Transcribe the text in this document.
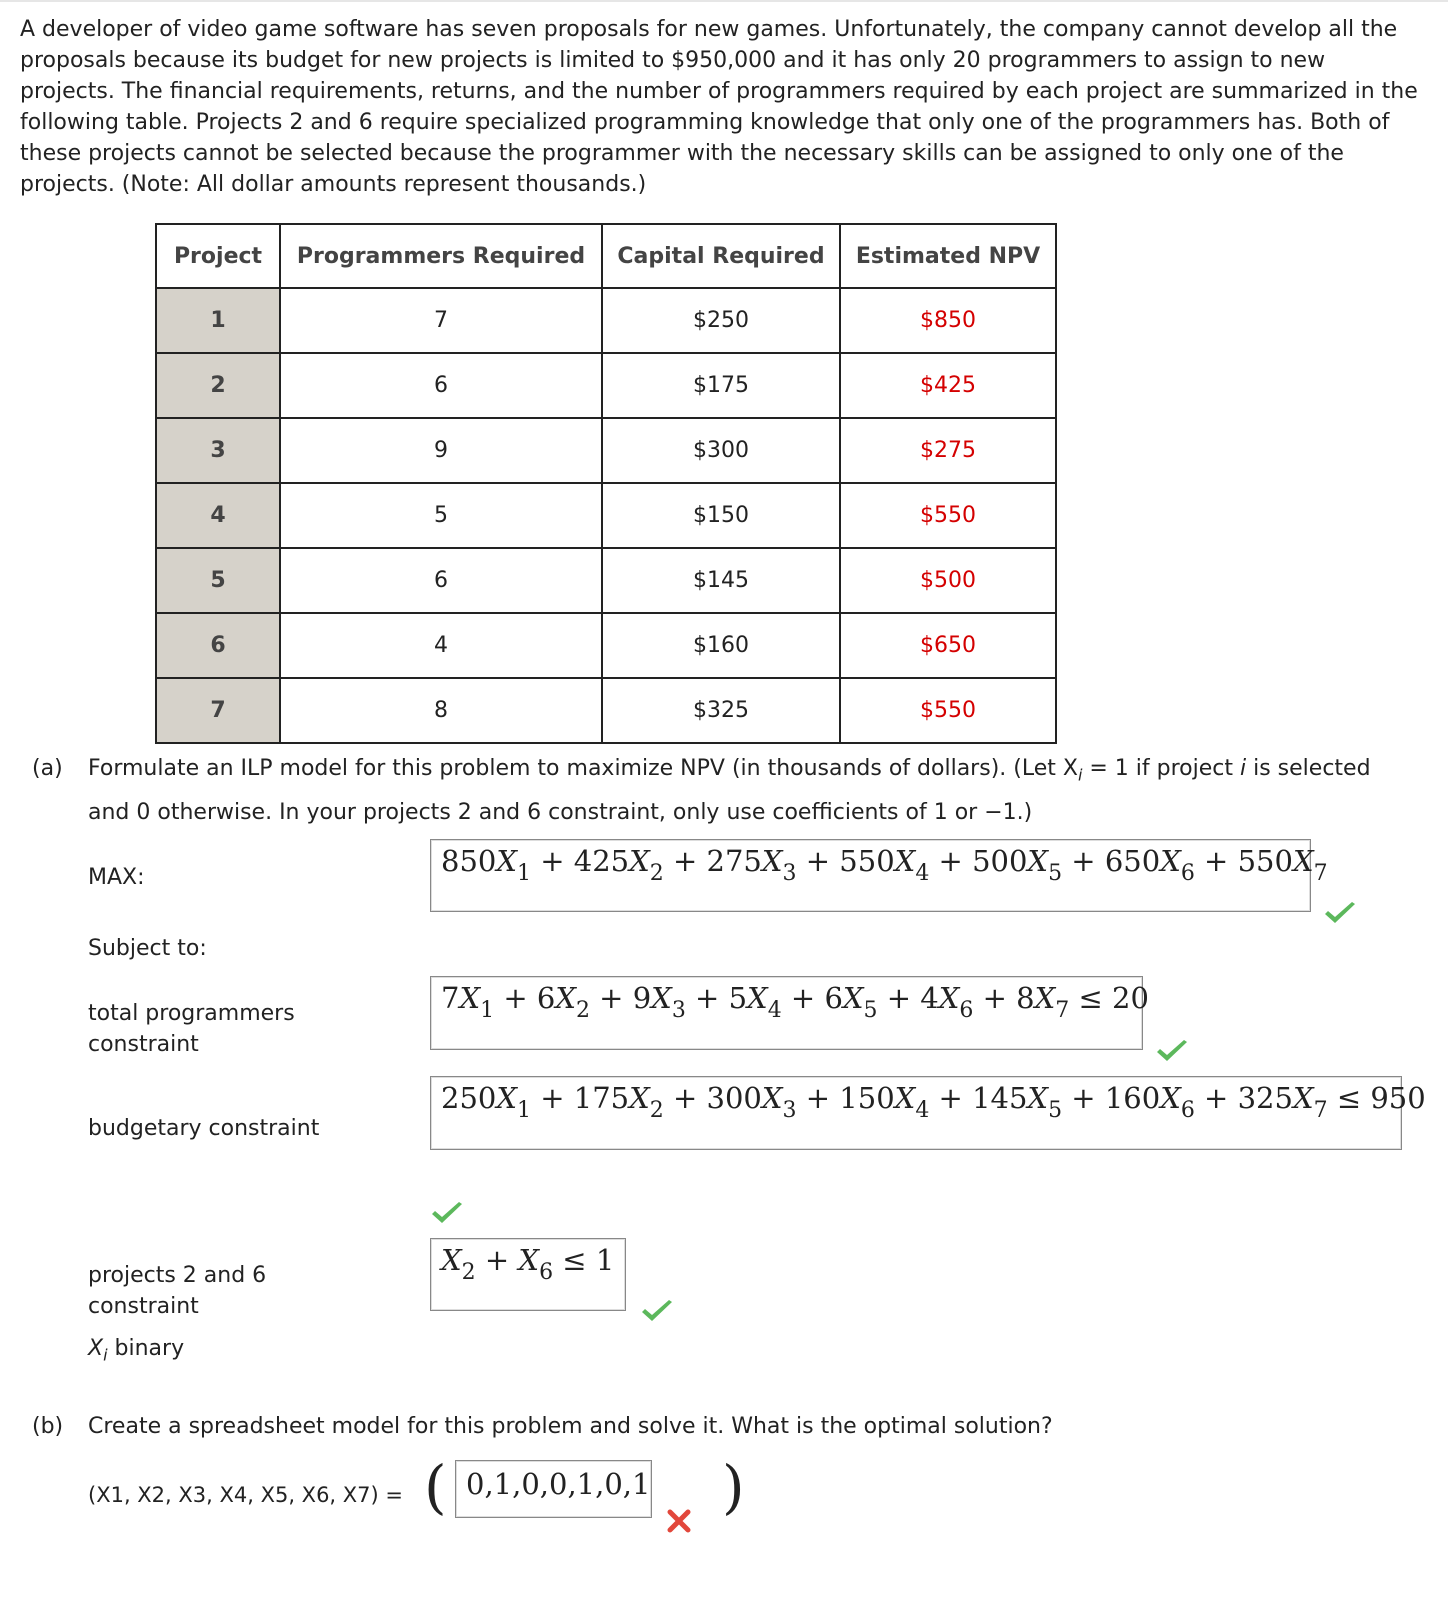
A developer of video game software has seven proposals for new games. Unfortunately, the company cannot develop all the proposals because its budget for new projects is limited to $950,000 and it has only 20 programmers to assign to new projects. The financial requirements, returns, and the number of programmers required by each project are summarized in the following table. Projects 2 and 6 require specialized programming knowledge that only one of the programmers has. Both of these projects cannot be selected because the programmer with the necessary skills can be assigned to only one of the projects. (Note: All dollar amounts represent thousands.)
Project	Programmers Required	Capital Required	Estimated NPV
1	7	$250	$850
2	6	$175	$425
3	9	$300	$275
4	5	$150	$550
5	6	$145	$500
6	4	$160	$650
7	8	$325	$550
(a) Formulate an ILP model for this problem to maximize NPV (in thousands of dollars). (Let $X_i = 1$ if project i is selected
and 0 otherwise. In your projects 2 and 6 constraint, only use coefficients of 1 or −1.)
MAX:	$850X_1 + 425X_2 + 275X_3 + 550X_4 + 500X_5 + 650X_6 + 550X_7$
Subject to:
total programmers
constraint
$7X_1 + 6X_2 + 9X_3 + 5X_4 + 6X_5 + 4X_6 + 8X_7 \le 20$
budgetary constraint
$250X_1 + 175X_2 + 300X_3 + 150X_4 + 145X_5 + 160X_6 + 325X_7 \le 950$
projects 2 and 6
constraint
$X_2 + X_6 \le 1$
$X_i$ binary
(b) Create a spreadsheet model for this problem and solve it. What is the optimal solution?
(X1, X2, X3, X4, X5, X6, X7) = ( 0,1,0,0,1,0,1 )
